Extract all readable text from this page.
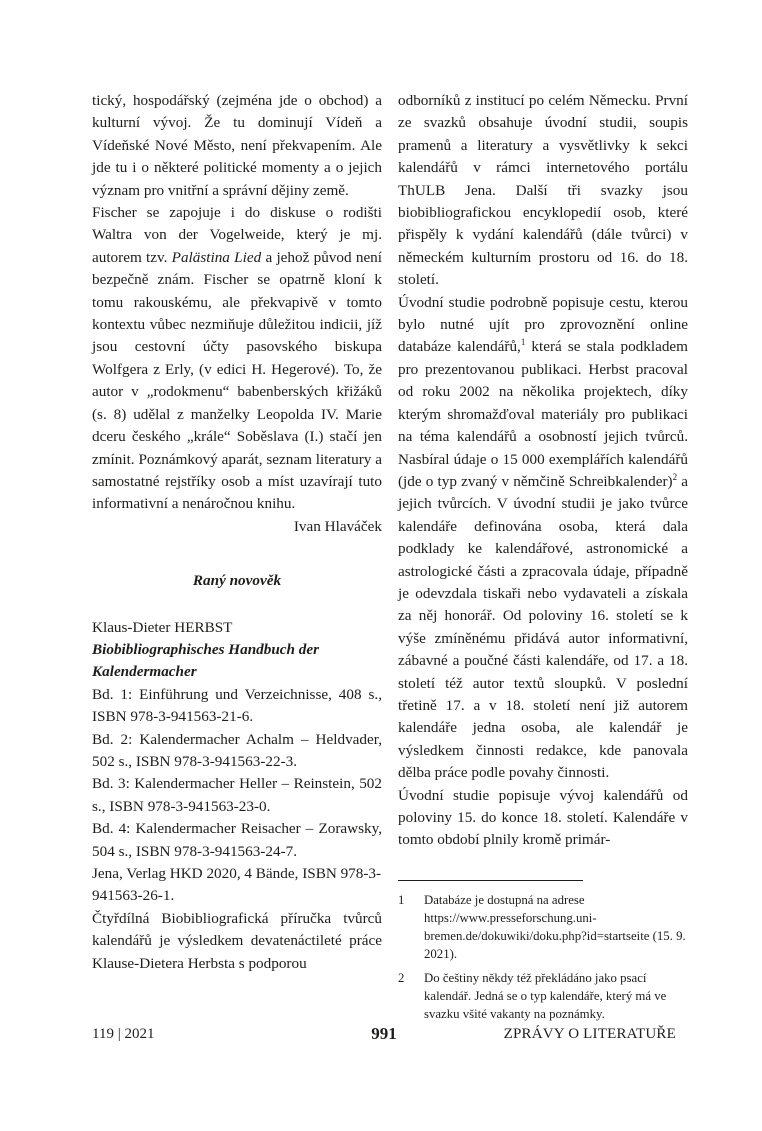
tický, hospodářský (zejména jde o obchod) a kulturní vývoj. Že tu dominují Vídeň a Vídeňské Nové Město, není překvapením. Ale jde tu i o některé politické momenty a o jejich význam pro vnitřní a správní dějiny země.

Fischer se zapojuje i do diskuse o rodišti Waltra von der Vogelweide, který je mj. autorem tzv. Palästina Lied a jehož původ není bezpečně znám. Fischer se opatrně kloní k tomu rakouskému, ale překvapivě v tomto kontextu vůbec nezmiňuje důležitou indicii, jíž jsou cestovní účty pasovského biskupa Wolfgera z Erly, (v edici H. Hegerové). To, že autor v „rodokmenu“ babenberských křižáků (s. 8) udělal z manželky Leopolda IV. Marie dceru českého „krále“ Soběslava (I.) stačí jen zmínit. Poznámkový aparát, seznam literatury a samostatné rejstříky osob a míst uzavírají tuto informativní a nenáročnou knihu.

Ivan Hlaváček

Raný novověk

Klaus-Dieter HERBST

Biobibliographisches Handbuch der Kalendermacher

Bd. 1: Einführung und Verzeichnisse, 408 s., ISBN 978-3-941563-21-6.

Bd. 2: Kalendermacher Achalm – Heldvader, 502 s., ISBN 978-3-941563-22-3.

Bd. 3: Kalendermacher Heller – Reinstein, 502 s., ISBN 978-3-941563-23-0.

Bd. 4: Kalendermacher Reisacher – Zorawsky, 504 s., ISBN 978-3-941563-24-7.

Jena, Verlag HKD 2020, 4 Bände, ISBN 978-3-941563-26-1.

Čtyřdílná Biobibliografická příručka tvůrců kalendářů je výsledkem devatenáctileté práce Klause-Dietera Herbsta s podporou

odborníků z institucí po celém Německu. První ze svazků obsahuje úvodní studii, soupis pramenů a literatury a vysvětlivky k sekci kalendářů v rámci internetového portálu ThULB Jena. Další tři svazky jsou biobibliografickou encyklopedií osob, které přispěly k vydání kalendářů (dále tvůrci) v německém kulturním prostoru od 16. do 18. století.

Úvodní studie podrobně popisuje cestu, kterou bylo nutné ujít pro zprovoznění online databáze kalendářů,$^1$ která se stala podkladem pro prezentovanou publikaci. Herbst pracoval od roku 2002 na několika projektech, díky kterým shromažďoval materiály pro publikaci na téma kalendářů a osobností jejich tvůrců. Nasbíral údaje o 15 000 exemplářích kalendářů (jde o typ zvaný v němčině Schreibkalender)$^2$ a jejich tvůrcích. V úvodní studii je jako tvůrce kalendáře definována osoba, která dala podklady ke kalendářové, astronomické a astrologické části a zpracovala údaje, případně je odevzdala tiskaři nebo vydavateli a získala za něj honorář. Od poloviny 16. století se k výše zmíněnému přidává autor informativní, zábavné a poučné části kalendáře, od 17. a 18. století též autor textů sloupků. V poslední třetině 17. a v 18. století není již autorem kalendáře jedna osoba, ale kalendář je výsledkem činnosti redakce, kde panovala dělba práce podle povahy činnosti.

Úvodní studie popisuje vývoj kalendářů od poloviny 15. do konce 18. století. Kalendáře v tomto období plnily kromě primár-

1	Databáze je dostupná na adrese https://www.presseforschung.uni-bremen.de/dokuwiki/doku.php?id=startseite (15. 9. 2021).
2	Do češtiny někdy též překládáno jako psací kalendář. Jedná se o typ kalendáře, který má ve svazku všité vakanty na poznámky.
119 | 2021	991	ZPRÁVY O LITERATUŘE
